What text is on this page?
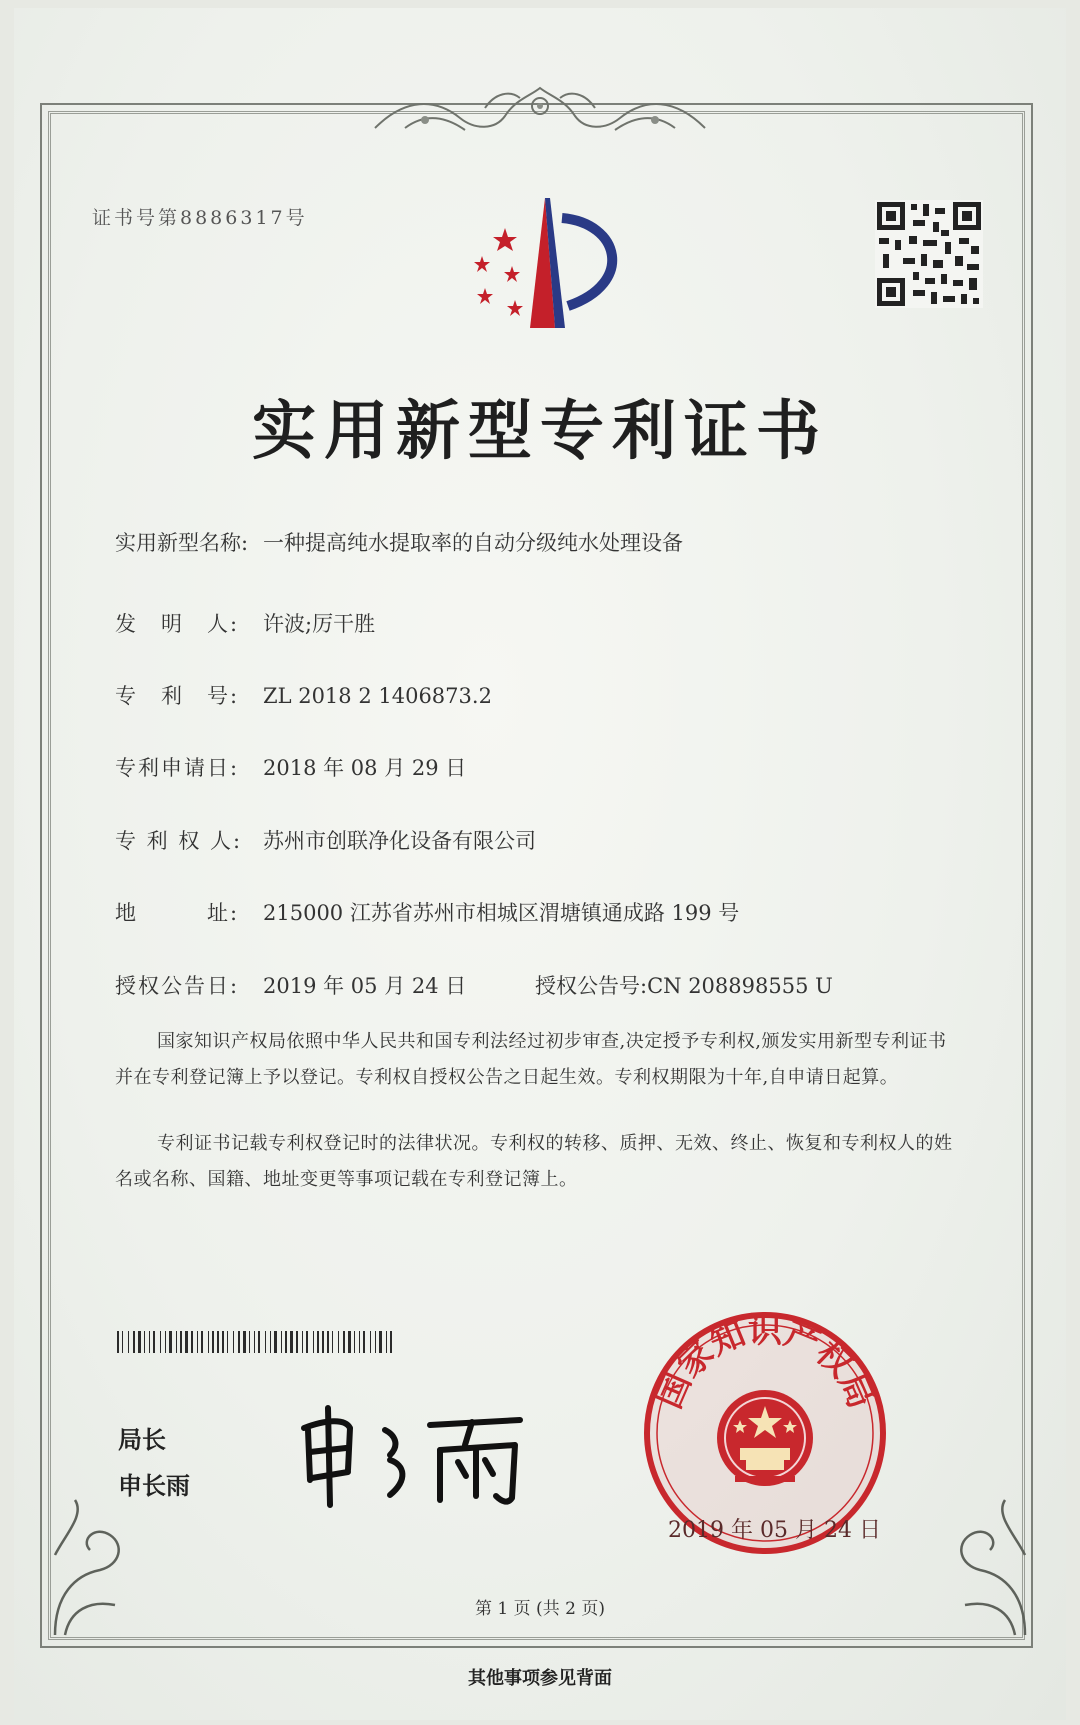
证书号第8886317号
实用新型专利证书
实用新型名称: 一种提高纯水提取率的自动分级纯水处理设备
发　明　人: 许波;厉干胜
专　利　号: ZL 2018 2 1406873.2
专利申请日: 2018 年 08 月 29 日
专 利 权 人: 苏州市创联净化设备有限公司
地　　　址: 215000 江苏省苏州市相城区渭塘镇通成路 199 号
授权公告日: 2019 年 05 月 24 日	授权公告号:CN 208898555 U

国家知识产权局依照中华人民共和国专利法经过初步审查,决定授予专利权,颁发实用新型专利证书并在专利登记簿上予以登记。专利权自授权公告之日起生效。专利权期限为十年,自申请日起算。

专利证书记载专利权登记时的法律状况。专利权的转移、质押、无效、终止、恢复和专利权人的姓名或名称、国籍、地址变更等事项记载在专利登记簿上。

局长
申长雨
国家知识产权局
2019 年 05 月 24 日
第 1 页 (共 2 页)
其他事项参见背面
